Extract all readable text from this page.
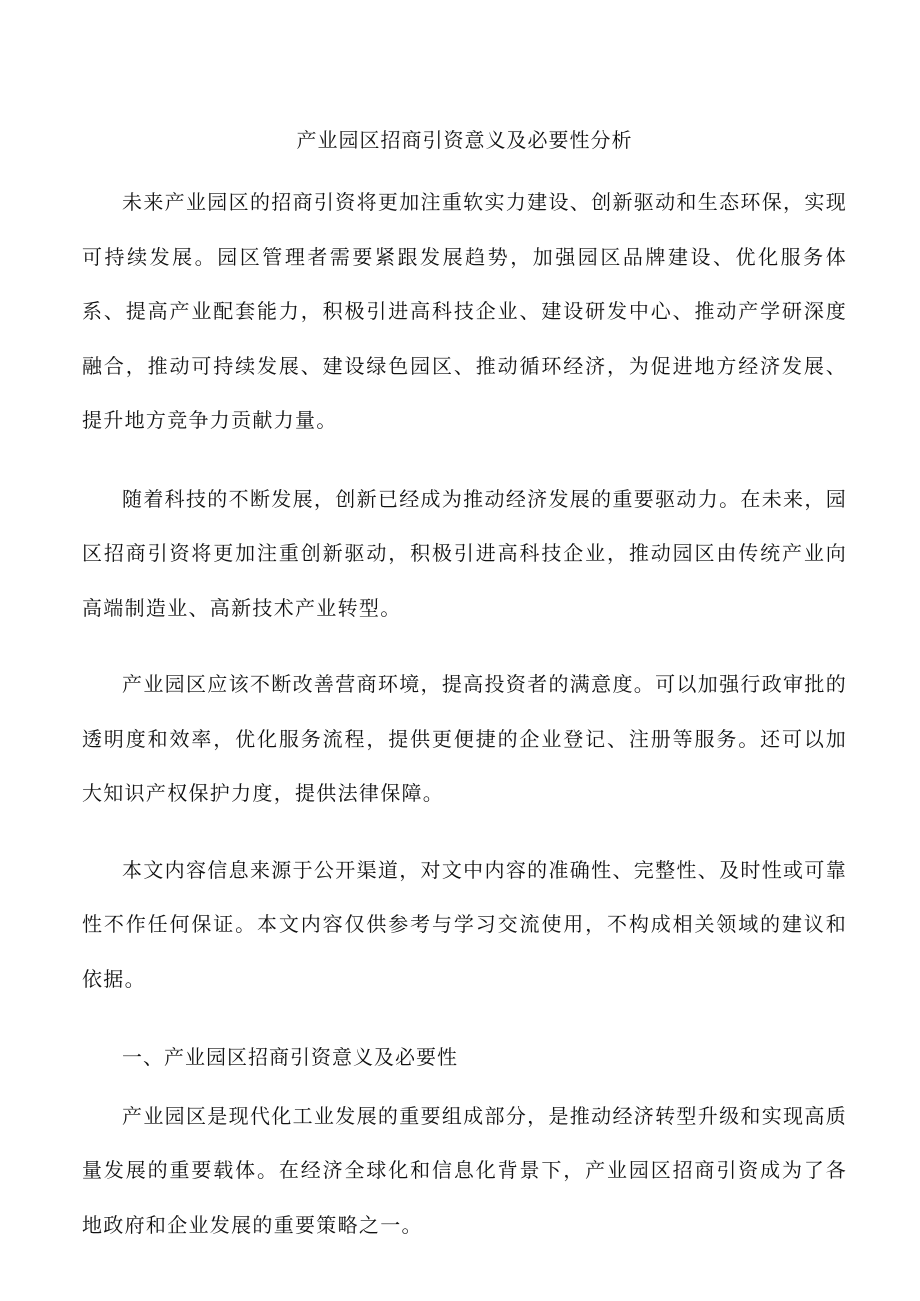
产业园区招商引资意义及必要性分析

未来产业园区的招商引资将更加注重软实力建设、创新驱动和生态环保，实现可持续发展。园区管理者需要紧跟发展趋势，加强园区品牌建设、优化服务体系、提高产业配套能力，积极引进高科技企业、建设研发中心、推动产学研深度融合，推动可持续发展、建设绿色园区、推动循环经济，为促进地方经济发展、提升地方竞争力贡献力量。

随着科技的不断发展，创新已经成为推动经济发展的重要驱动力。在未来，园区招商引资将更加注重创新驱动，积极引进高科技企业，推动园区由传统产业向高端制造业、高新技术产业转型。

产业园区应该不断改善营商环境，提高投资者的满意度。可以加强行政审批的透明度和效率，优化服务流程，提供更便捷的企业登记、注册等服务。还可以加大知识产权保护力度，提供法律保障。

本文内容信息来源于公开渠道，对文中内容的准确性、完整性、及时性或可靠性不作任何保证。本文内容仅供参考与学习交流使用，不构成相关领域的建议和依据。

一、产业园区招商引资意义及必要性

产业园区是现代化工业发展的重要组成部分，是推动经济转型升级和实现高质量发展的重要载体。在经济全球化和信息化背景下，产业园区招商引资成为了各地政府和企业发展的重要策略之一。
